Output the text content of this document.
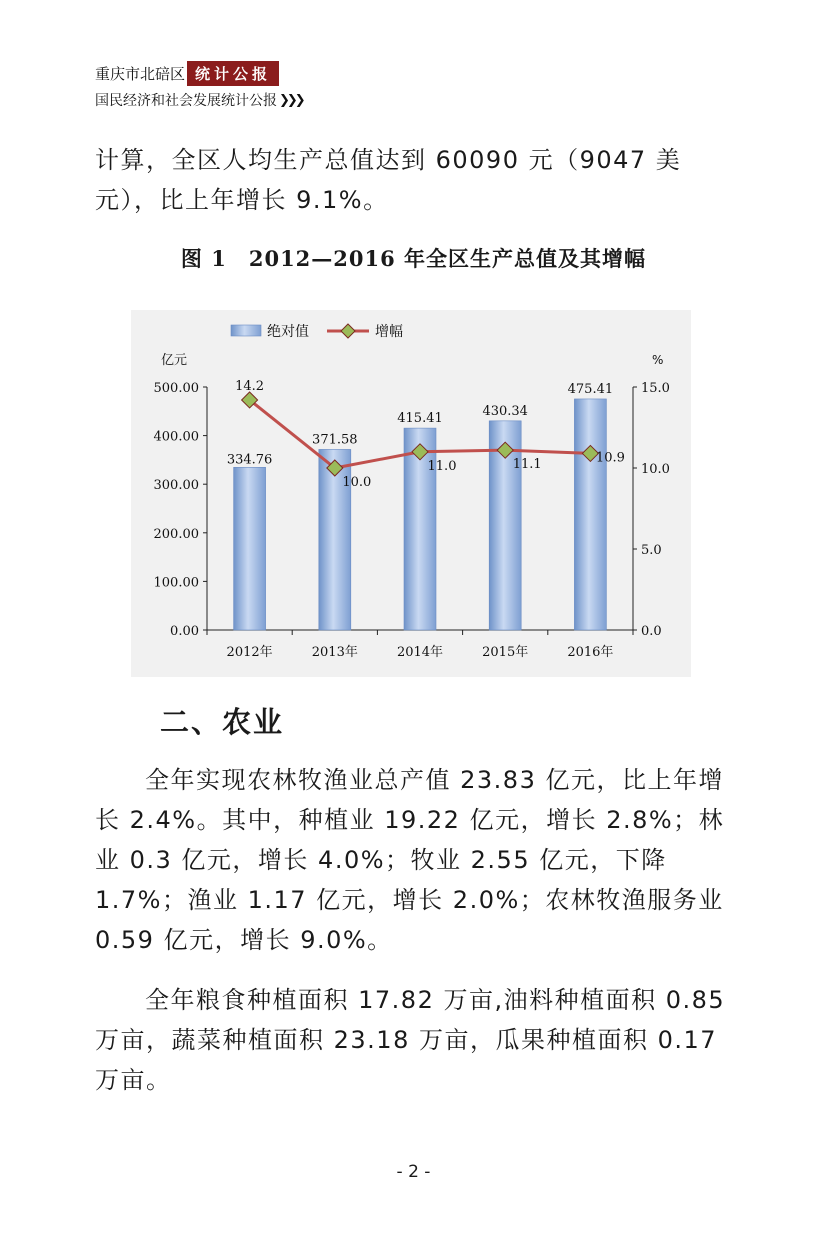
重庆市北碚区 统计公报
国民经济和社会发展统计公报 ❯❯❯

计算，全区人均生产总值达到 60090 元（9047 美元），比上年增长 9.1%。

图 1　2012—2016 年全区生产总值及其增幅
0.00
100.00
200.00
300.00
400.00
500.00
0.0
5.0
10.0
15.0
亿元	%
2012年	2013年	2014年	2015年	2016年
334.76
371.58
415.41	430.34
475.41
14.2
10.0
11.0	11.1	10.9
绝对值	增幅
二、农业

全年实现农林牧渔业总产值 23.83 亿元，比上年增长 2.4%。其中，种植业 19.22 亿元，增长 2.8%；林业 0.3 亿元，增长 4.0%；牧业 2.55 亿元，下降 1.7%；渔业 1.17 亿元，增长 2.0%；农林牧渔服务业 0.59 亿元，增长 9.0%。

全年粮食种植面积 17.82 万亩,油料种植面积 0.85 万亩，蔬菜种植面积 23.18 万亩，瓜果种植面积 0.17 万亩。

- 2 -
